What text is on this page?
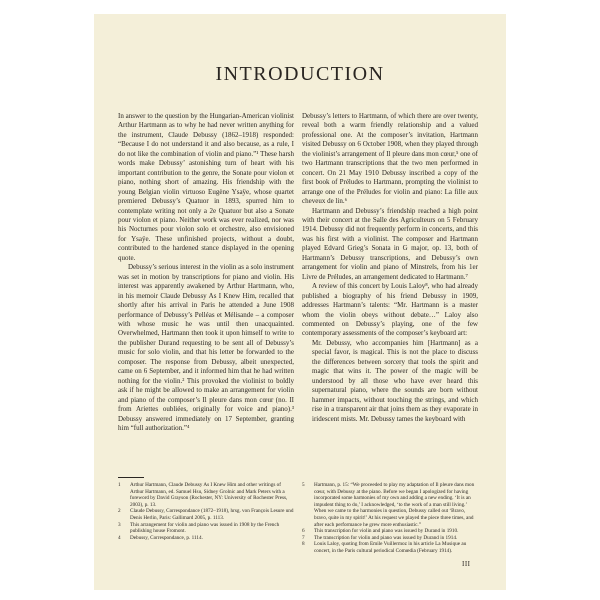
INTRODUCTION

In answer to the question by the Hungarian-American violinist Arthur Hartmann as to why he had never written anything for the instrument, Claude Debussy (1862–1918) responded: “Because I do not understand it and also because, as a rule, I do not like the combination of violin and piano.”¹ These harsh words make Debussy’ astonishing turn of heart with his important contribution to the genre, the Sonate pour violon et piano, nothing short of amazing. His friendship with the young Belgian violin virtuoso Eugène Ysaÿe, whose quartet premiered Debussy’s Quatuor in 1893, spurred him to contemplate writing not only a 2e Quatuor but also a Sonate pour violon et piano. Neither work was ever realized, nor was his Nocturnes pour violon solo et orchestre, also envisioned for Ysaÿe. These unfinished projects, without a doubt, contributed to the hardened stance displayed in the opening quote.

Debussy’s serious interest in the violin as a solo instrument was set in motion by transcriptions for piano and violin. His interest was apparently awakened by Arthur Hartmann, who, in his memoir Claude Debussy As I Knew Him, recalled that shortly after his arrival in Paris he attended a June 1908 performance of Debussy’s Pelléas et Mélisande – a composer with whose music he was until then unacquainted. Overwhelmed, Hartmann then took it upon himself to write to the publisher Durand requesting to be sent all of Debussy’s music for solo violin, and that his letter be forwarded to the composer. The response from Debussy, albeit unexpected, came on 6 September, and it informed him that he had written nothing for the violin.² This provoked the violinist to boldly ask if he might be allowed to make an arrangement for violin and piano of the composer’s Il pleure dans mon cœur (no. II from Ariettes oubliées, originally for voice and piano).³ Debussy answered immediately on 17 September, granting him “full authorization.”⁴

Debussy’s letters to Hartmann, of which there are over twenty, reveal both a warm friendly relationship and a valued professional one. At the composer’s invitation, Hartmann visited Debussy on 6 October 1908, when they played through the violinist’s arrangement of Il pleure dans mon cœur,⁵ one of two Hartmann transcriptions that the two men performed in concert. On 21 May 1910 Debussy inscribed a copy of the first book of Préludes to Hartmann, prompting the violinist to arrange one of the Préludes for violin and piano: La fille aux cheveux de lin.⁶

Hartmann and Debussy’s friendship reached a high point with their concert at the Salle des Agriculteurs on 5 February 1914. Debussy did not frequently perform in concerts, and this was his first with a violinist. The composer and Hartmann played Edvard Grieg’s Sonata in G major, op. 13, both of Hartmann’s Debussy transcriptions, and Debussy’s own arrangement for violin and piano of Minstrels, from his 1er Livre de Préludes, an arrangement dedicated to Hartmann.⁷

A review of this concert by Louis Laloy⁸, who had already published a biography of his friend Debussy in 1909, addresses Hartmann’s talents: “Mr. Hartmann is a master whom the violin obeys without debate…” Laloy also commented on Debussy’s playing, one of the few contemporary assessments of the composer’s keyboard art:

Mr. Debussy, who accompanies him [Hartmann] as a special favor, is magical. This is not the place to discuss the differences between sorcery that tools the spirit and magic that wins it. The power of the magic will be understood by all those who have ever heard this supernatural piano, where the sounds are born without hammer impacts, without touching the strings, and which rise in a transparent air that joins them as they evaporate in iridescent mists. Mr. Debussy tames the keyboard with

1	Arthur Hartmann, Claude Debussy As I Knew Him and other writings of Arthur Hartmann, ed. Samuel Hsu, Sidney Grolnic and Mark Peters with a foreword by David Grayson (Rochester, NY: University of Rochester Press, 2003), p. 13.
2	Claude Debussy, Correspondance (1872–1918), hrsg. von François Lesure und Denis Herlin, Paris: Gallimard 2005, p. 1113.
3	This arrangement for violin and piano was issued in 1908 by the French publishing house Fromont.
4	Debussy, Correspondance, p. 1114.
5	Hartmann, p. 15: “We proceeded to play my adaptation of Il pleure dans mon cœur, with Debussy at the piano. Before we began I apologized for having incorporated some harmonies of my own and adding a new ending. ‘It is an impudent thing to do,’ I acknowledged, ‘to the work of a man still living.’ When we came to the harmonies in question, Debussy called out ‘Bravo, bravo, quite in my spirit!’ At his request we played the piece three times, and after each performance he grew more enthusiastic.”
6	This transcription for violin and piano was issued by Durand in 1910.
7	The transcription for violin and piano was issued by Durand in 1914.
8	Louis Laloy, quoting from Emile Vuillermoz in his article La Musique au concert, in the Paris cultural periodical Comœdia (February 1914).
III
